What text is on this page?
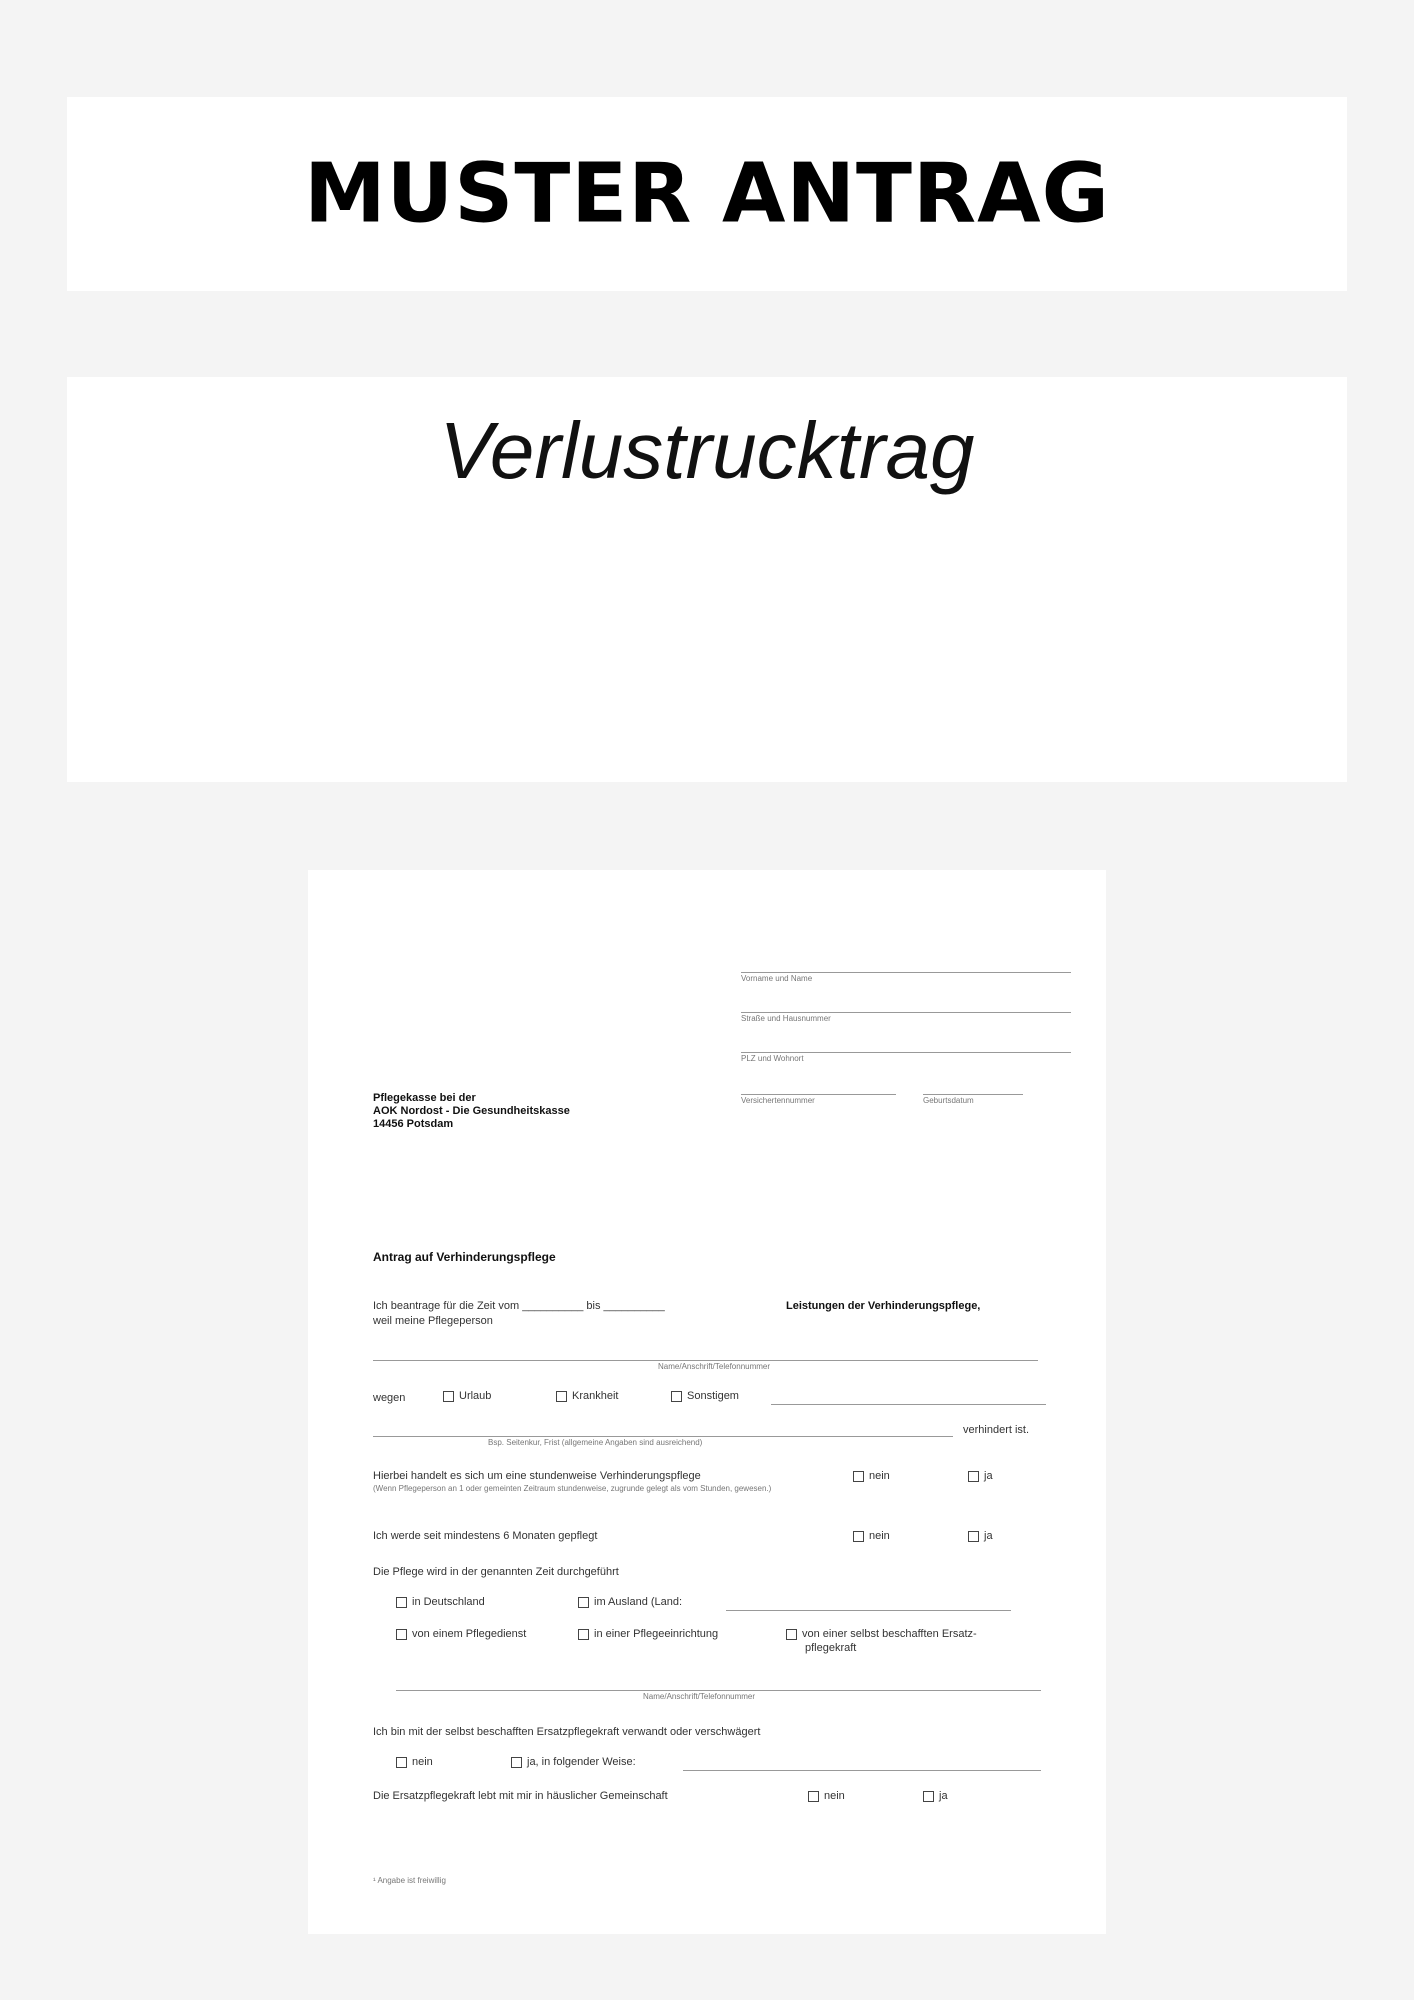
MUSTER ANTRAG
Verlustrucktrag
Vorname und Name
Straße und Hausnummer
PLZ und Wohnort
Versichertennummer	Geburtsdatum
Pflegekasse bei der
AOK Nordost - Die Gesundheitskasse
14456 Potsdam
Antrag auf Verhinderungspflege
Ich beantrage für die Zeit vom __________ bis __________	Leistungen der Verhinderungspflege,
weil meine Pflegeperson
Name/Anschrift/Telefonnummer
wegen	Urlaub	Krankheit	Sonstigem
verhindert ist.
Bsp. Seitenkur, Frist (allgemeine Angaben sind ausreichend)
Hierbei handelt es sich um eine stundenweise Verhinderungspflege
(Wenn Pflegeperson an 1 oder gemeinten Zeitraum stundenweise, zugrunde gelegt als vom Stunden, gewesen.)
nein	ja
Ich werde seit mindestens 6 Monaten gepflegt	nein	ja
Die Pflege wird in der genannten Zeit durchgeführt
in Deutschland	im Ausland (Land:
von einem Pflegedienst	in einer Pflegeeinrichtung	von einer selbst beschafften Ersatz-
pflegekraft
Name/Anschrift/Telefonnummer
Ich bin mit der selbst beschafften Ersatzpflegekraft verwandt oder verschwägert
nein	ja, in folgender Weise:
Die Ersatzpflegekraft lebt mit mir in häuslicher Gemeinschaft	nein	ja
¹ Angabe ist freiwillig
